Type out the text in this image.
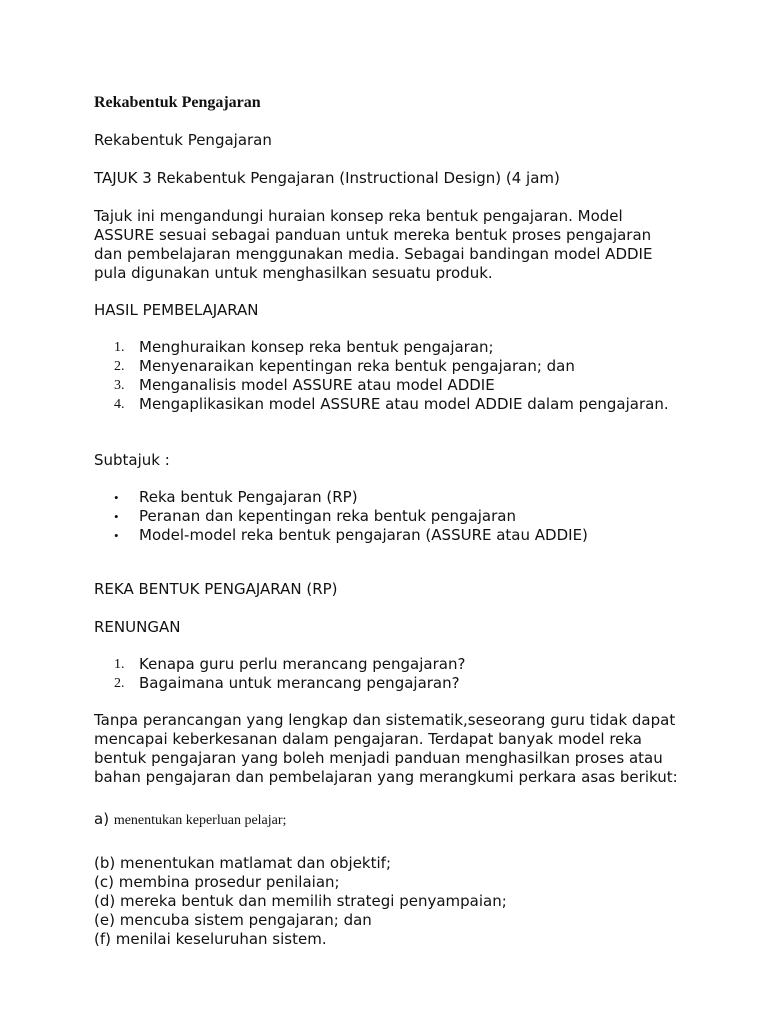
Rekabentuk Pengajaran
Rekabentuk Pengajaran
TAJUK 3 Rekabentuk Pengajaran (Instructional Design) (4 jam)

Tajuk ini mengandungi huraian konsep reka bentuk pengajaran. Model ASSURE sesuai sebagai panduan untuk mereka bentuk proses pengajaran dan pembelajaran menggunakan media. Sebagai bandingan model ADDIE pula digunakan untuk menghasilkan sesuatu produk.

HASIL PEMBELAJARAN
1. Menghuraikan konsep reka bentuk pengajaran;
2. Menyenaraikan kepentingan reka bentuk pengajaran; dan
3. Menganalisis model ASSURE atau model ADDIE
4. Mengaplikasikan model ASSURE atau model ADDIE dalam pengajaran.
Subtajuk :
• Reka bentuk Pengajaran (RP)
• Peranan dan kepentingan reka bentuk pengajaran
• Model-model reka bentuk pengajaran (ASSURE atau ADDIE)
REKA BENTUK PENGAJARAN (RP)
RENUNGAN
1. Kenapa guru perlu merancang pengajaran?
2. Bagaimana untuk merancang pengajaran?

Tanpa perancangan yang lengkap dan sistematik,seseorang guru tidak dapat mencapai keberkesanan dalam pengajaran. Terdapat banyak model reka bentuk pengajaran yang boleh menjadi panduan menghasilkan proses atau bahan pengajaran dan pembelajaran yang merangkumi perkara asas berikut:

a) menentukan keperluan pelajar;
(b) menentukan matlamat dan objektif;
(c) membina prosedur penilaian;
(d) mereka bentuk dan memilih strategi penyampaian;
(e) mencuba sistem pengajaran; dan
(f) menilai keseluruhan sistem.
